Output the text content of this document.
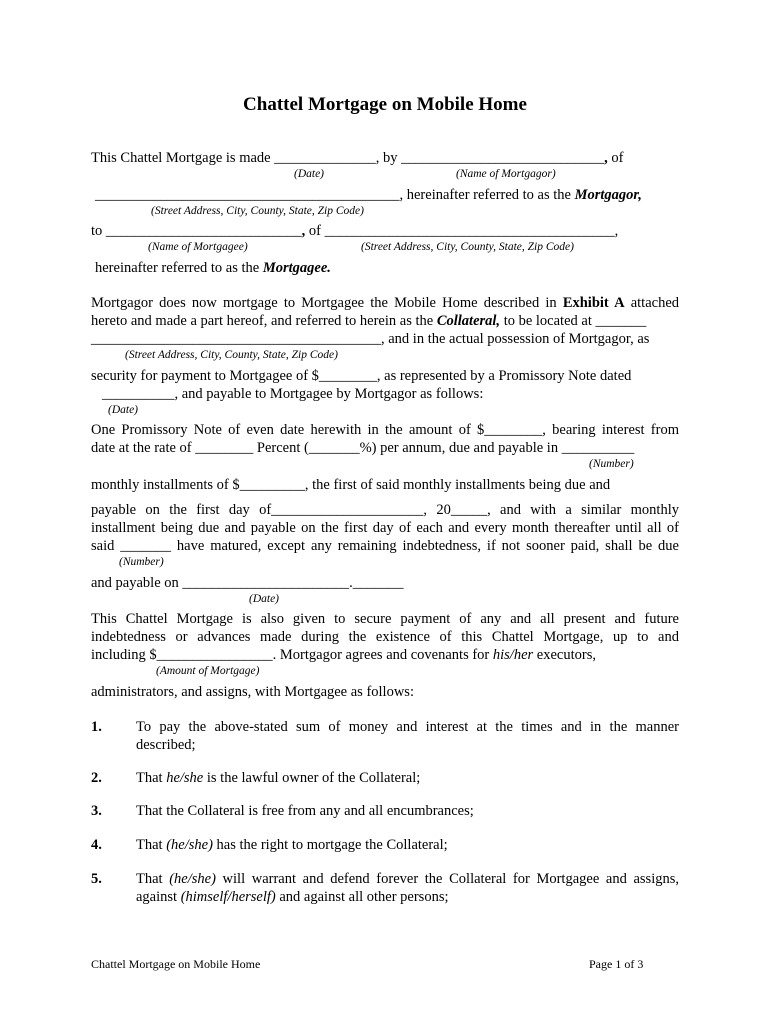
Chattel Mortgage on Mobile Home
This Chattel Mortgage is made ______________, by ____________________________, of
(Date)	(Name of Mortgagor)
__________________________________________, hereinafter referred to as the Mortgagor,
(Street Address, City, County, State, Zip Code)
to ___________________________, of ________________________________________,
(Name of Mortgagee)	(Street Address, City, County, State, Zip Code)
hereinafter referred to as the Mortgagee.
Mortgagor does now mortgage to Mortgagee the Mobile Home described in Exhibit A attached
hereto and made a part hereof, and referred to herein as the Collateral, to be located at _______
________________________________________, and in the actual possession of Mortgagor, as
(Street Address, City, County, State, Zip Code)
security for payment to Mortgagee of $________, as represented by a Promissory Note dated
__________, and payable to Mortgagee by Mortgagor as follows:
(Date)
One Promissory Note of even date herewith in the amount of $________, bearing interest from
date at the rate of ________ Percent (_______%) per annum, due and payable in __________
(Number)
monthly installments of $_________, the first of said monthly installments being due and
payable on the first day of_____________________, 20_____, and with a similar monthly
installment being due and payable on the first day of each and every month thereafter until all of
said _______ have matured, except any remaining indebtedness, if not sooner paid, shall be due
(Number)
and payable on _______________________._______
(Date)
This Chattel Mortgage is also given to secure payment of any and all present and future
indebtedness or advances made during the existence of this Chattel Mortgage, up to and
including $________________. Mortgagor agrees and covenants for his/her executors,
(Amount of Mortgage)
administrators, and assigns, with Mortgagee as follows:
1. To pay the above-stated sum of money and interest at the times and in the manner
described;
2. That he/she is the lawful owner of the Collateral;
3. That the Collateral is free from any and all encumbrances;
4. That (he/she) has the right to mortgage the Collateral;
5. That (he/she) will warrant and defend forever the Collateral for Mortgagee and assigns,
against (himself/herself) and against all other persons;
Chattel Mortgage on Mobile Home	Page 1 of 3
